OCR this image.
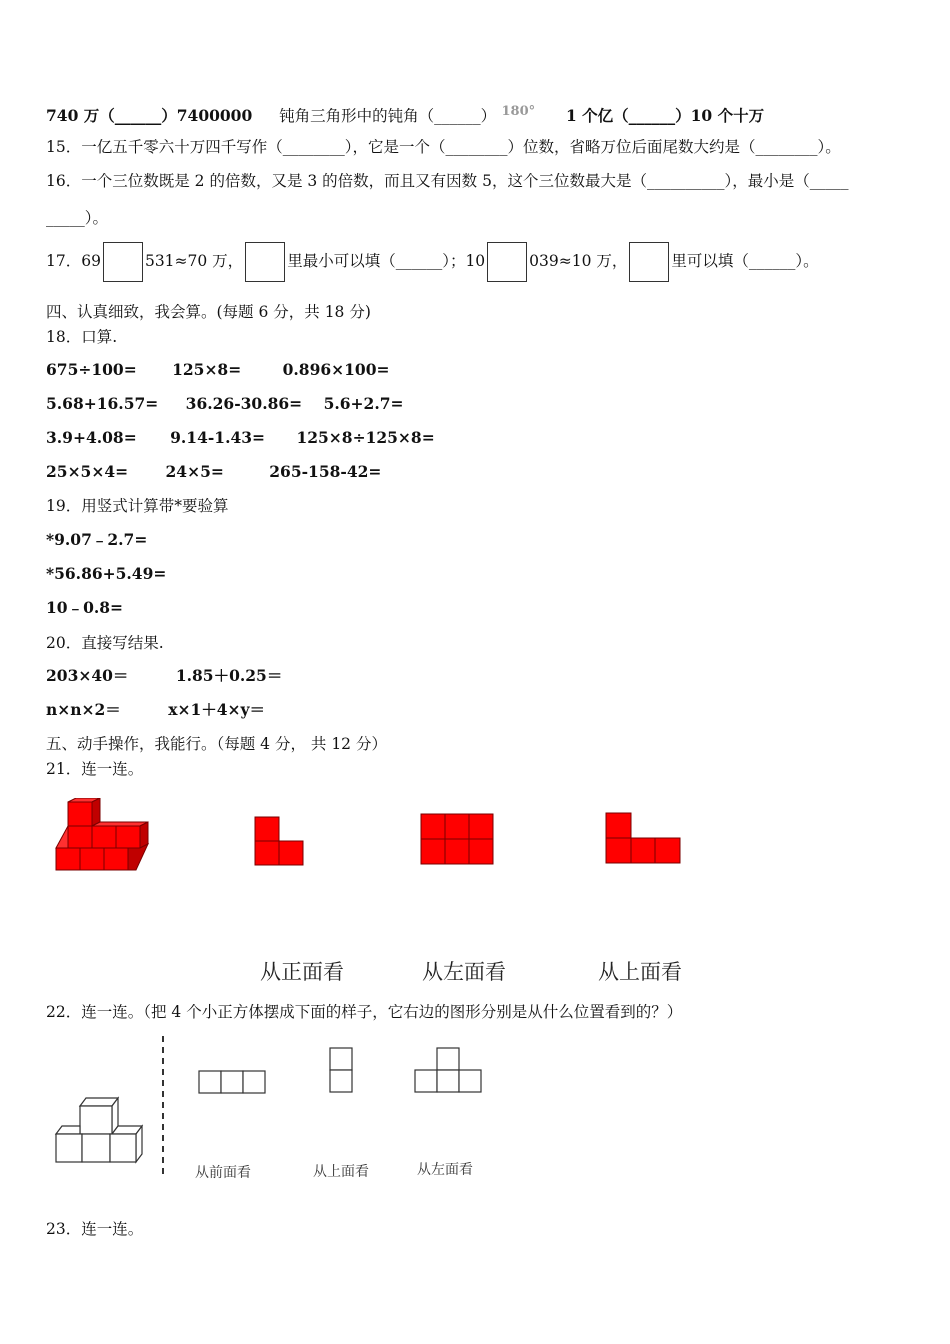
740 万（______）7400000 钝角三角形中的钝角（______） $^{180^\circ}$ 1 个亿（______）10 个十万
15．一亿五千零六十万四千写作（________），它是一个（________）位数，省略万位后面尾数大约是（________）。
16．一个三位数既是 2 的倍数，又是 3 的倍数，而且又有因数 5，这个三位数最大是（__________），最小是（_____
_____）。
17．69	531≈70 万，	里最小可以填（______）；10	039≈10 万，	里可以填（______）。
四、认真细致，我会算。(每题 6 分，共 18 分)
18．口算.
675÷100= 125×8=	0.896×100=
5.68+16.57= 36.26-30.86= 5.6+2.7=
3.9+4.08= 9.14-1.43= 125×8÷125×8=
25×5×4= 24×5=	265-158-42=
19．用竖式计算带*要验算
*9.07﹣2.7=
*56.86+5.49=
10﹣0.8=
20．直接写结果.
203×40＝	1.85＋0.25＝
n×n×2＝	x×1＋4×y＝
五、动手操作，我能行。（每题 4 分， 共 12 分）
21．连一连。
从正面看	从左面看	从上面看
22．连一连。（把 4 个小正方体摆成下面的样子，它右边的图形分别是从什么位置看到的？）
从前面看	从上面看	从左面看
23．连一连。
